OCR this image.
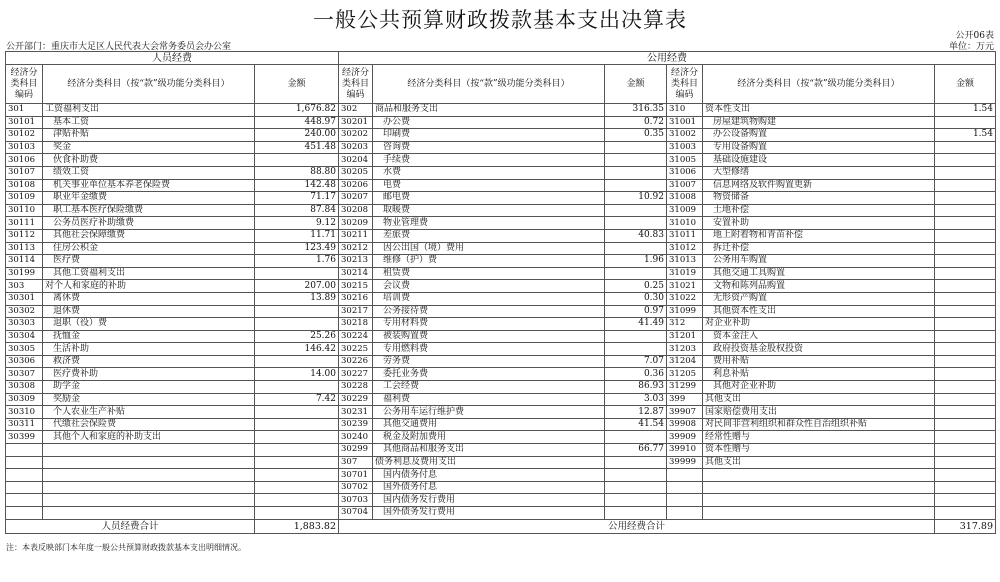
一般公共预算财政拨款基本支出决算表
公开06表
公开部门：重庆市大足区人民代表大会常务委员会办公室	单位：万元
人员经费			公用经费					
经济分类科目编码	经济分类科目（按“款”级功能分类科目）	金额	经济分类科目编码	经济分类科目（按“款”级功能分类科目）	金额	经济分类科目编码	经济分类科目（按“款”级功能分类科目）	金额
301	工资福利支出	1,676.82	302	商品和服务支出	316.35	310	资本性支出	1.54
30101	基本工资	448.97	30201	办公费	0.72	31001	房屋建筑物购建	
30102	津贴补贴	240.00	30202	印刷费	0.35	31002	办公设备购置	1.54
30103	奖金	451.48	30203	咨询费		31003	专用设备购置	
30106	伙食补助费		30204	手续费		31005	基础设施建设	
30107	绩效工资	88.80	30205	水费		31006	大型修缮	
30108	机关事业单位基本养老保险费	142.48	30206	电费		31007	信息网络及软件购置更新	
30109	职业年金缴费	71.17	30207	邮电费	10.92	31008	物资储备	
30110	职工基本医疗保险缴费	87.84	30208	取暖费		31009	土地补偿	
30111	公务员医疗补助缴费	9.12	30209	物业管理费		31010	安置补助	
30112	其他社会保障缴费	11.71	30211	差旅费	40.83	31011	地上附着物和青苗补偿	
30113	住房公积金	123.49	30212	因公出国（境）费用		31012	拆迁补偿	
30114	医疗费	1.76	30213	维修（护）费	1.96	31013	公务用车购置	
30199	其他工资福利支出		30214	租赁费		31019	其他交通工具购置	
303	对个人和家庭的补助	207.00	30215	会议费	0.25	31021	文物和陈列品购置	
30301	离休费	13.89	30216	培训费	0.30	31022	无形资产购置	
30302	退休费		30217	公务接待费	0.97	31099	其他资本性支出	
30303	退职（役）费		30218	专用材料费	41.49	312	对企业补助	
30304	抚恤金	25.26	30224	被装购置费		31201	资本金注入	
30305	生活补助	146.42	30225	专用燃料费		31203	政府投资基金股权投资	
30306	救济费		30226	劳务费	7.07	31204	费用补贴	
30307	医疗费补助	14.00	30227	委托业务费	0.36	31205	利息补贴	
30308	助学金		30228	工会经费	86.93	31299	其他对企业补助	
30309	奖励金	7.42	30229	福利费	3.03	399	其他支出	
30310	个人农业生产补贴		30231	公务用车运行维护费	12.87	39907	国家赔偿费用支出	
30311	代缴社会保险费		30239	其他交通费用	41.54	39908	对民间非营利组织和群众性自治组织补贴	
30399	其他个人和家庭的补助支出		30240	税金及附加费用		39909	经常性赠与	
			30299	其他商品和服务支出	66.77	39910	资本性赠与	
			307	债务利息及费用支出		39999	其他支出	
			30701	国内债务付息				
			30702	国外债务付息				
			30703	国内债务发行费用				
			30704	国外债务发行费用				
人员经费合计		1,883.82	公用经费合计					317.89
注：本表反映部门本年度一般公共预算财政拨款基本支出明细情况。
